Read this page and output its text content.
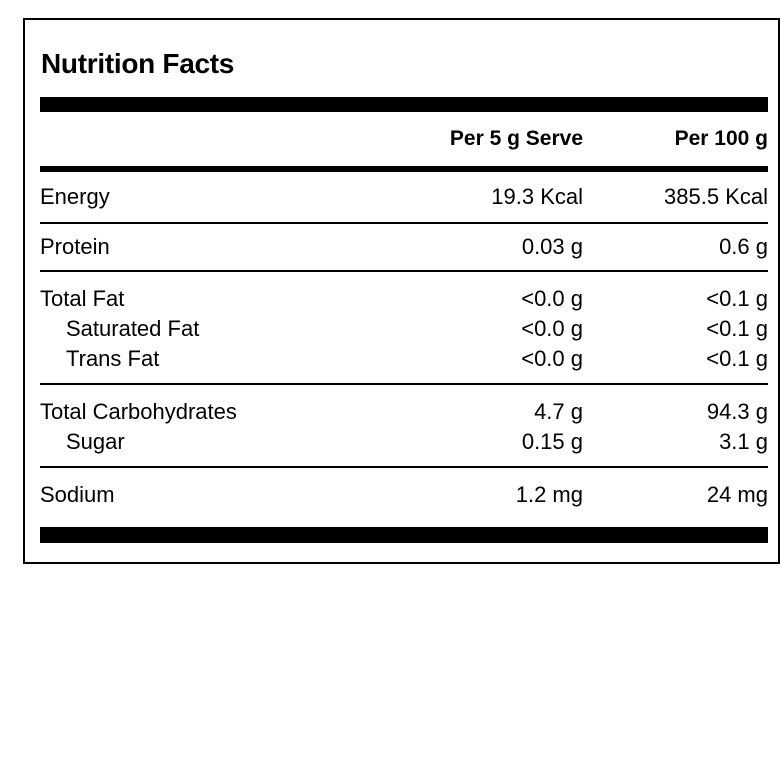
Nutrition Facts
Per 5 g Serve	Per 100 g
Energy	19.3 Kcal	385.5 Kcal
Protein	0.03 g	0.6 g
Total Fat	<0.0 g	<0.1 g
Saturated Fat	<0.0 g	<0.1 g
Trans Fat	<0.0 g	<0.1 g
Total Carbohydrates	4.7 g	94.3 g
Sugar	0.15 g	3.1 g
Sodium	1.2 mg	24 mg
